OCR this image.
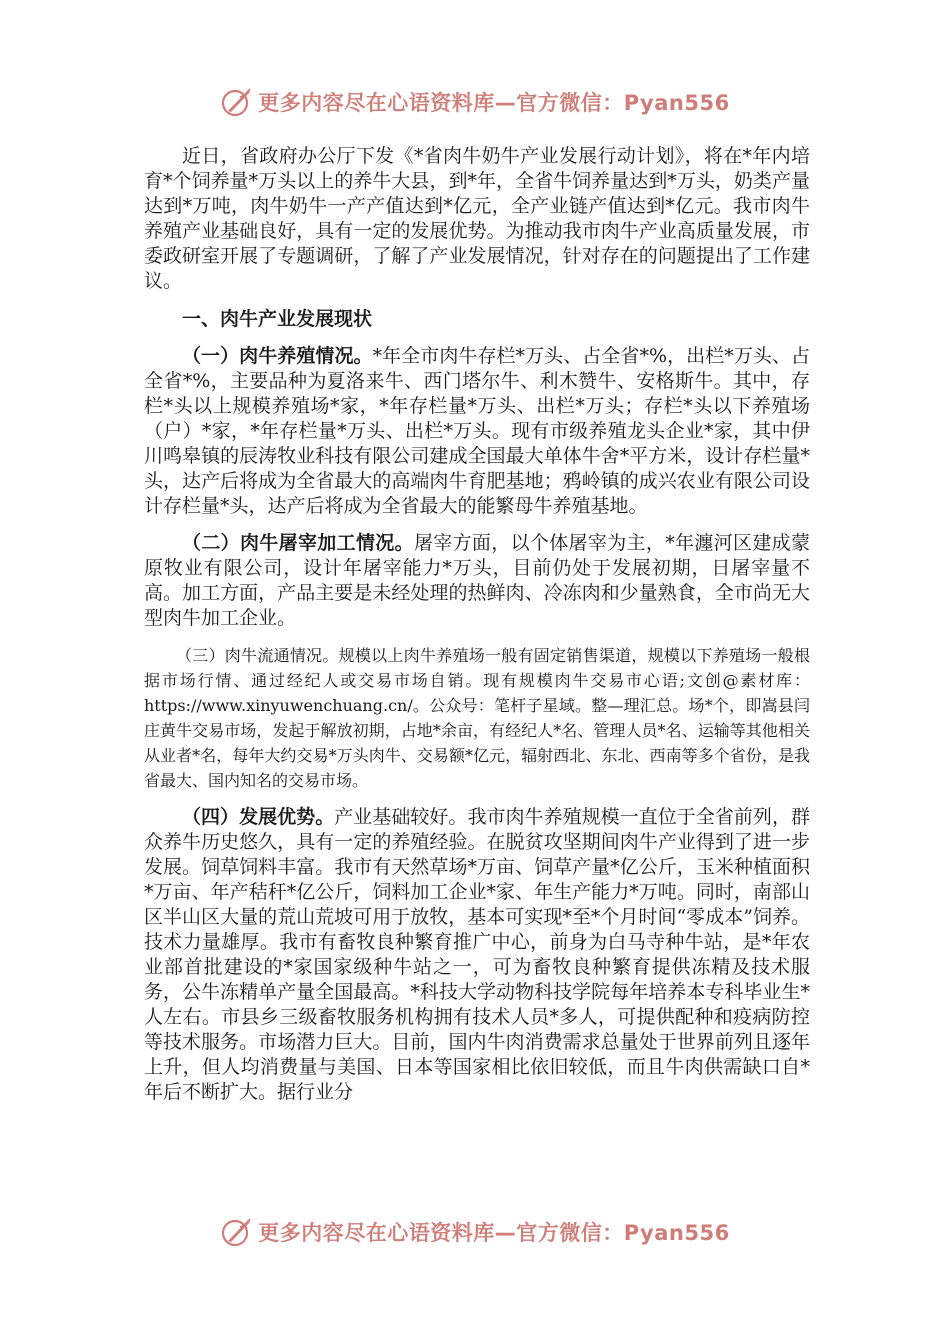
更多内容尽在心语资料库—官方微信：Pyan556

近日，省政府办公厅下发《*省肉牛奶牛产业发展行动计划》，将在*年内培育*个饲养量*万头以上的养牛大县，到*年，全省牛饲养量达到*万头，奶类产量达到*万吨，肉牛奶牛一产产值达到*亿元，全产业链产值达到*亿元。我市肉牛养殖产业基础良好，具有一定的发展优势。为推动我市肉牛产业高质量发展，市委政研室开展了专题调研，了解了产业发展情况，针对存在的问题提出了工作建议。

一、肉牛产业发展现状

（一）肉牛养殖情况。*年全市肉牛存栏*万头、占全省*%，出栏*万头、占全省*%，主要品种为夏洛来牛、西门塔尔牛、利木赞牛、安格斯牛。其中，存栏*头以上规模养殖场*家，*年存栏量*万头、出栏*万头；存栏*头以下养殖场（户）*家，*年存栏量*万头、出栏*万头。现有市级养殖龙头企业*家，其中伊川鸣皋镇的辰涛牧业科技有限公司建成全国最大单体牛舍*平方米，设计存栏量*头，达产后将成为全省最大的高端肉牛育肥基地；鸦岭镇的成兴农业有限公司设计存栏量*头，达产后将成为全省最大的能繁母牛养殖基地。

（二）肉牛屠宰加工情况。屠宰方面，以个体屠宰为主，*年瀍河区建成蒙原牧业有限公司，设计年屠宰能力*万头，目前仍处于发展初期，日屠宰量不高。加工方面，产品主要是未经处理的热鲜肉、冷冻肉和少量熟食，全市尚无大型肉牛加工企业。

（三）肉牛流通情况。规模以上肉牛养殖场一般有固定销售渠道，规模以下养殖场一般根据市场行情、通过经纪人或交易市场自销。现有规模肉牛交易市心语;文创@素材库：https://www.xinyuwenchuang.cn/。公众号：笔杆子星域。整—理汇总。场*个，即嵩县闫庄黄牛交易市场，发起于解放初期，占地*余亩，有经纪人*名、管理人员*名、运输等其他相关从业者*名，每年大约交易*万头肉牛、交易额*亿元，辐射西北、东北、西南等多个省份，是我省最大、国内知名的交易市场。

（四）发展优势。产业基础较好。我市肉牛养殖规模一直位于全省前列，群众养牛历史悠久，具有一定的养殖经验。在脱贫攻坚期间肉牛产业得到了进一步发展。饲草饲料丰富。我市有天然草场*万亩、饲草产量*亿公斤，玉米种植面积*万亩、年产秸秆*亿公斤，饲料加工企业*家、年生产能力*万吨。同时，南部山区半山区大量的荒山荒坡可用于放牧，基本可实现*至*个月时间“零成本”饲养。技术力量雄厚。我市有畜牧良种繁育推广中心，前身为白马寺种牛站，是*年农业部首批建设的*家国家级种牛站之一，可为畜牧良种繁育提供冻精及技术服务，公牛冻精单产量全国最高。*科技大学动物科技学院每年培养本专科毕业生*人左右。市县乡三级畜牧服务机构拥有技术人员*多人，可提供配种和疫病防控等技术服务。市场潜力巨大。目前，国内牛肉消费需求总量处于世界前列且逐年上升，但人均消费量与美国、日本等国家相比依旧较低，而且牛肉供需缺口自*年后不断扩大。据行业分

更多内容尽在心语资料库—官方微信：Pyan556
